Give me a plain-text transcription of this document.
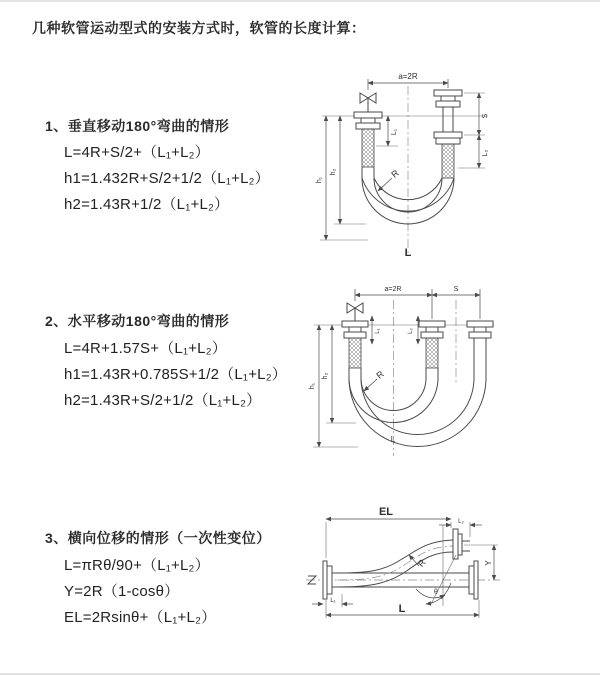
几种软管运动型式的安装方式时，软管的长度计算：
1、垂直移动180°弯曲的情形
L=4R+S/2+（L₁+L₂）
h1=1.432R+S/2+1/2（L₁+L₂）
h2=1.43R+1/2（L₁+L₂）
2、水平移动180°弯曲的情形
L=4R+1.57S+（L₁+L₂）
h1=1.43R+0.785S+1/2（L₁+L₂）
h2=1.43R+S/2+1/2（L₁+L₂）
3、横向位移的情形（一次性变位）
L=πRθ/90+（L₁+L₂）
Y=2R（1-cosθ）
EL=2Rsinθ+（L₁+L₂）
a=2R
L₁
h₁
h₂
S
L₂
R
L
a=2R	S
h₁
h₂
L₁	L₂
R
L
EL
L₂
Y
θ
R
L₁
L
